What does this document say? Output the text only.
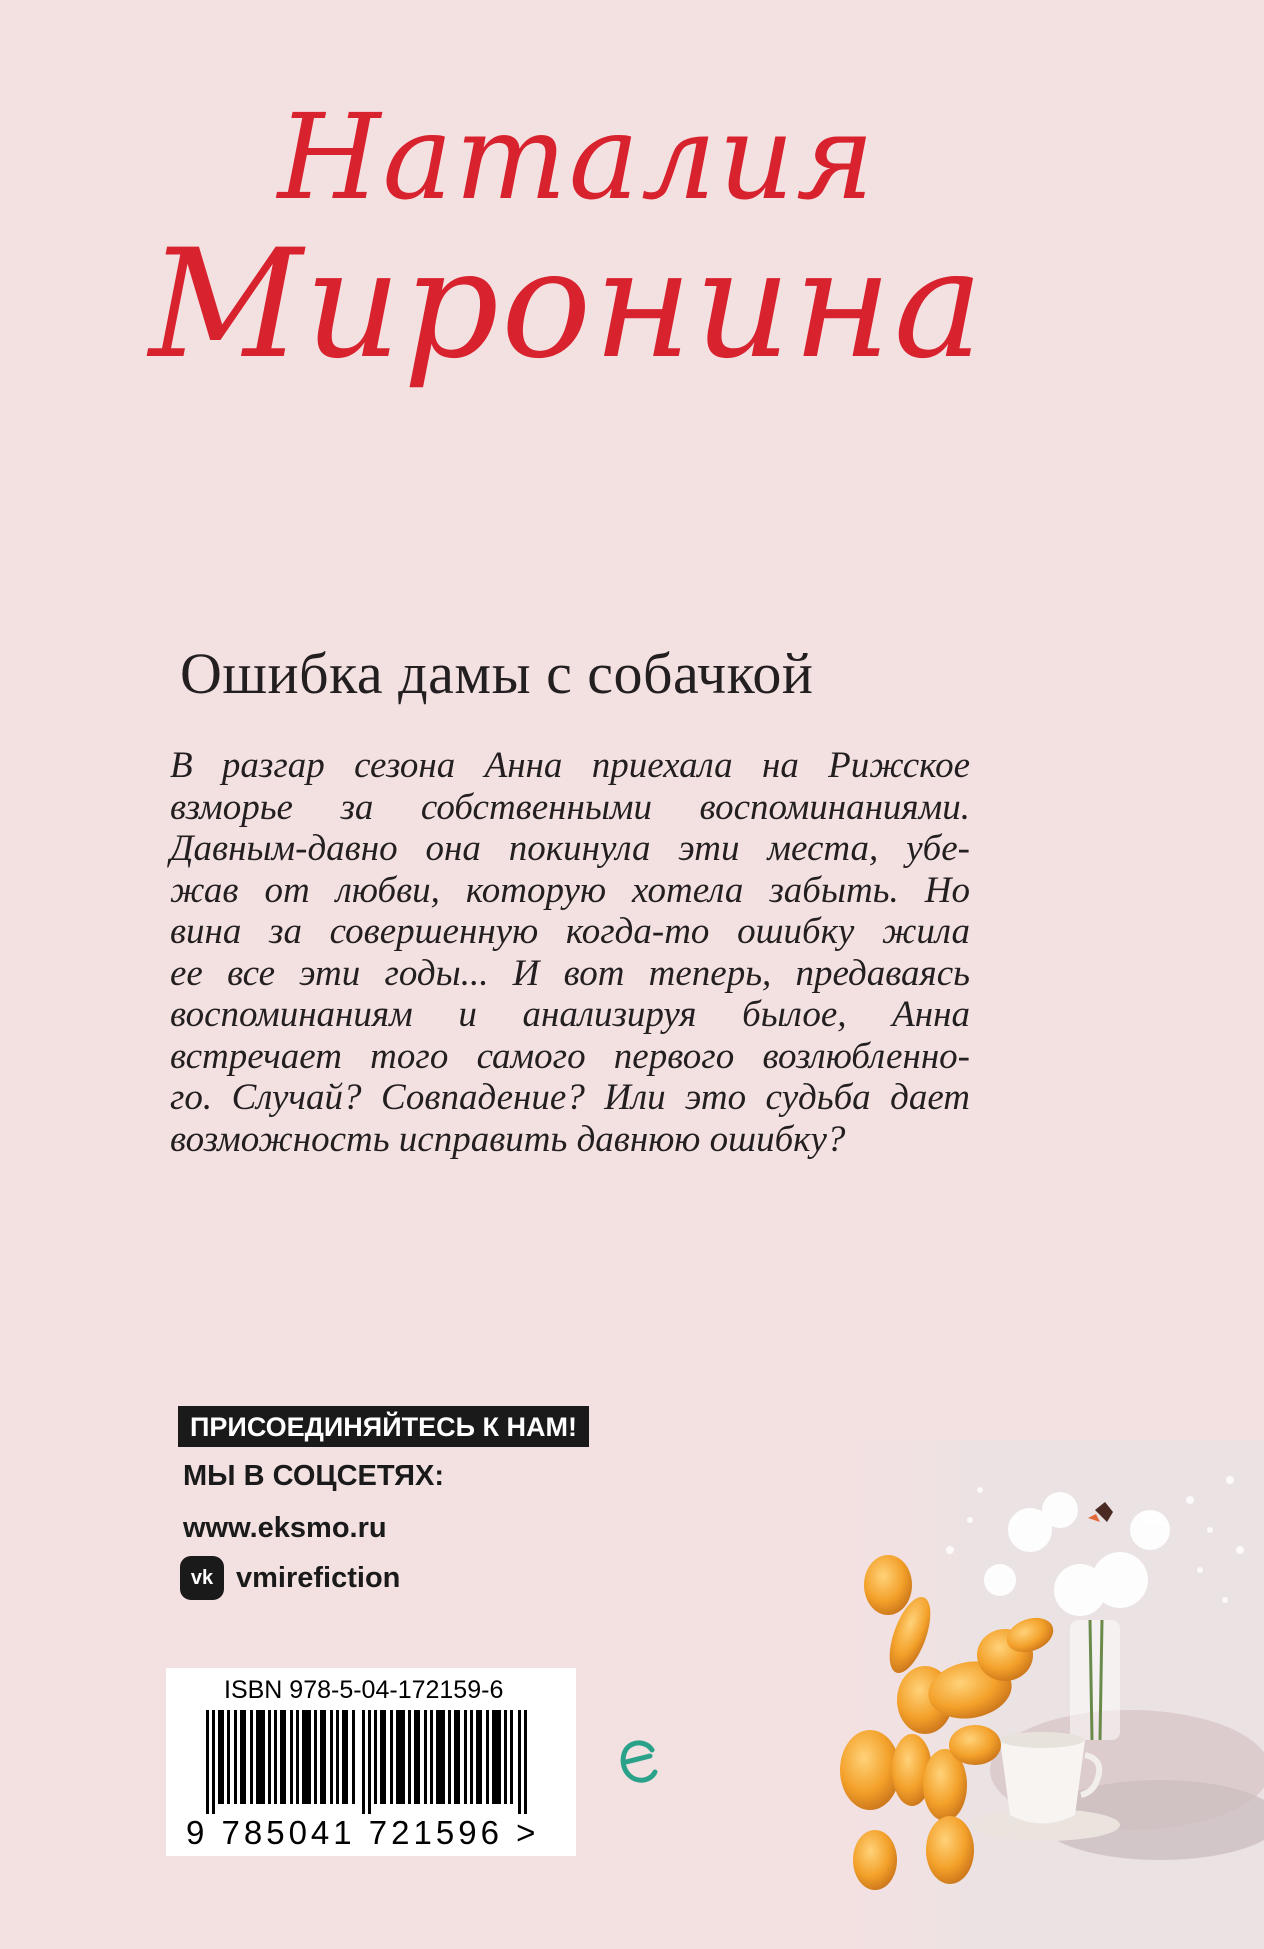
Наталия
Миронина
Ошибка дамы с собачкой
В разгар сезона Анна приехала на Рижское
взморье за собственными воспоминаниями.
Давным-давно она покинула эти места, убе-
жав от любви, которую хотела забыть. Но
вина за совершенную когда-то ошибку жила
ее все эти годы... И вот теперь, предаваясь
воспоминаниям и анализируя былое, Анна
встречает того самого первого возлюбленно-
го. Случай? Совпадение? Или это судьба дает
возможность исправить давнюю ошибку?
ПРИСОЕДИНЯЙТЕСЬ К НАМ!
МЫ В СОЦСЕТЯХ:
www.eksmo.ru
vk vmirefiction
ISBN 978-5-04-172159-6
9 785041 721596 >
